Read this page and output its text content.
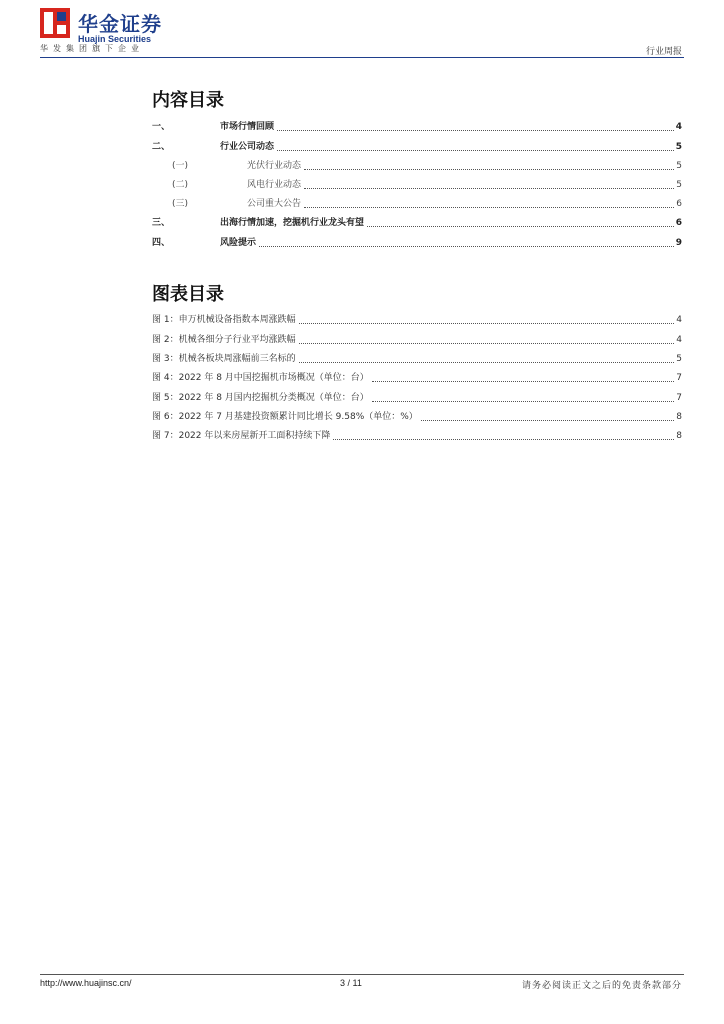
华金证券
Huajin Securities
华发集团旗下企业	行业周报
内容目录
一、	市场行情回顾	4
二、	行业公司动态	5
(一)	光伏行业动态	5
(二)	风电行业动态	5
(三)	公司重大公告	6
三、	出海行情加速，挖掘机行业龙头有望	6
四、	风险提示	9
图表目录
图 1：申万机械设备指数本周涨跌幅	4
图 2：机械各细分子行业平均涨跌幅	4
图 3：机械各板块周涨幅前三名标的	5
图 4：2022 年 8 月中国挖掘机市场概况（单位：台）	7
图 5：2022 年 8 月国内挖掘机分类概况（单位：台）	7
图 6：2022 年 7 月基建投资额累计同比增长 9.58%（单位：%）	8
图 7：2022 年以来房屋新开工面积持续下降	8
http://www.huajinsc.cn/	3 / 11	请务必阅读正文之后的免责条款部分
